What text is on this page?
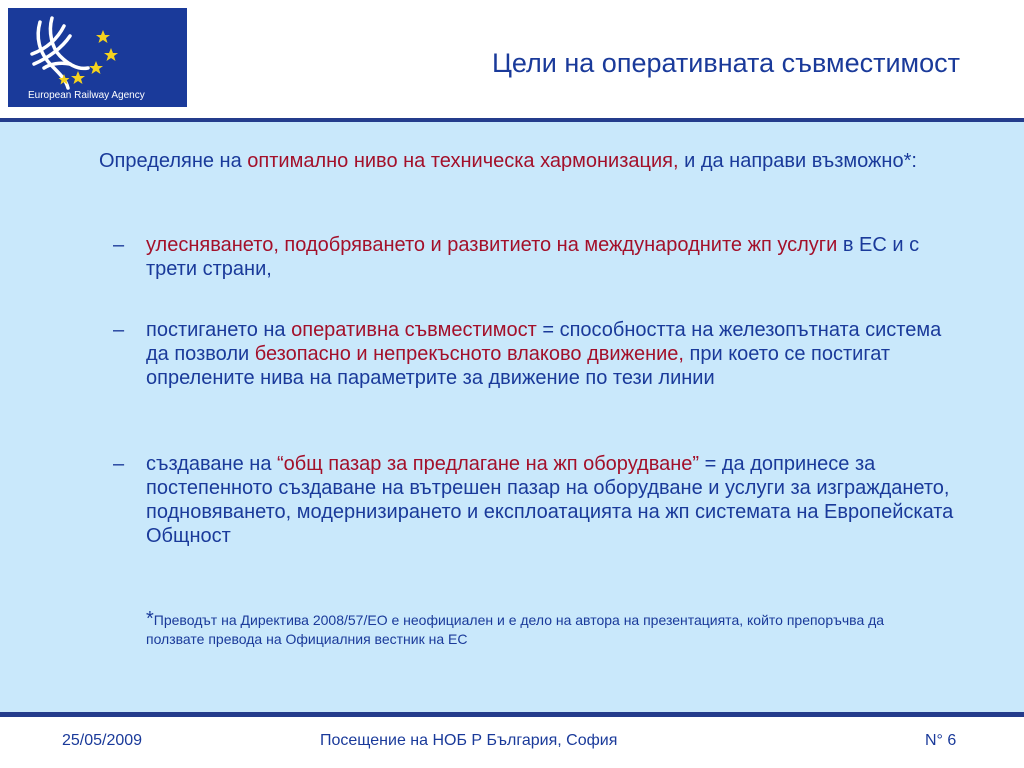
European Railway Agency
Цели на оперативната съвместимост
Определяне на оптимално ниво на техническа хармонизация, и да направи възможно*:
– улесняването, подобряването и развитието на международните жп услуги в ЕС и с трети страни,
– постигането на оперативна съвместимост = способността на железопътната система да позволи безопасно и непрекъсното влаково движение, при което се постигат опрелените нива на параметрите за движение по тези линии
– създаване на “общ пазар за предлагане на жп оборудване” = да допринесе за постепенното създаване на вътрешен пазар на оборудване и услуги за изграждането, подновяването, модернизирането и експлоатацията на жп системата на Европейската Общност
*Преводът на Директива 2008/57/ЕО е неофициален и е дело на автора на презентацията, който препоръчва да ползвате превода на Официалния вестник на ЕС
25/05/2009	Посещение на НОБ Р България, София	N° 6
